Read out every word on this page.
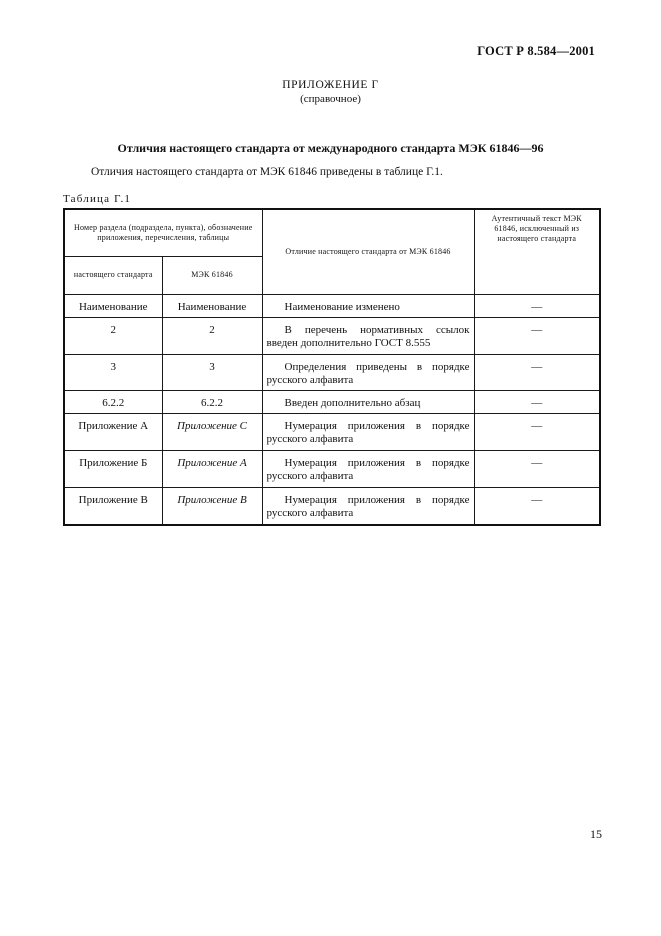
ГОСТ Р 8.584—2001
ПРИЛОЖЕНИЕ Г
(справочное)
Отличия настоящего стандарта от международного стандарта МЭК 61846—96
Отличия настоящего стандарта от МЭК 61846 приведены в таблице Г.1.
Таблица Г.1
Номер раздела (подраздела, пункта), обозначение приложения, перечисления, таблицы		Отличие настоящего стандарта от МЭК 61846	Аутентичный текст МЭК 61846, исключенный из настоящего стандарта
настоящего стандарта	МЭК 61846		
Наименование	Наименование	Наименование изменено	—
2	2	В перечень нормативных ссылок введен дополнительно ГОСТ 8.555	—
3	3	Определения приведены в порядке русского алфавита	—
6.2.2	6.2.2	Введен дополнительно абзац	—
Приложение А	Приложение C	Нумерация приложения в порядке русского алфавита	—
Приложение Б	Приложение A	Нумерация приложения в порядке русского алфавита	—
Приложение В	Приложение B	Нумерация приложения в порядке русского алфавита	—
15
